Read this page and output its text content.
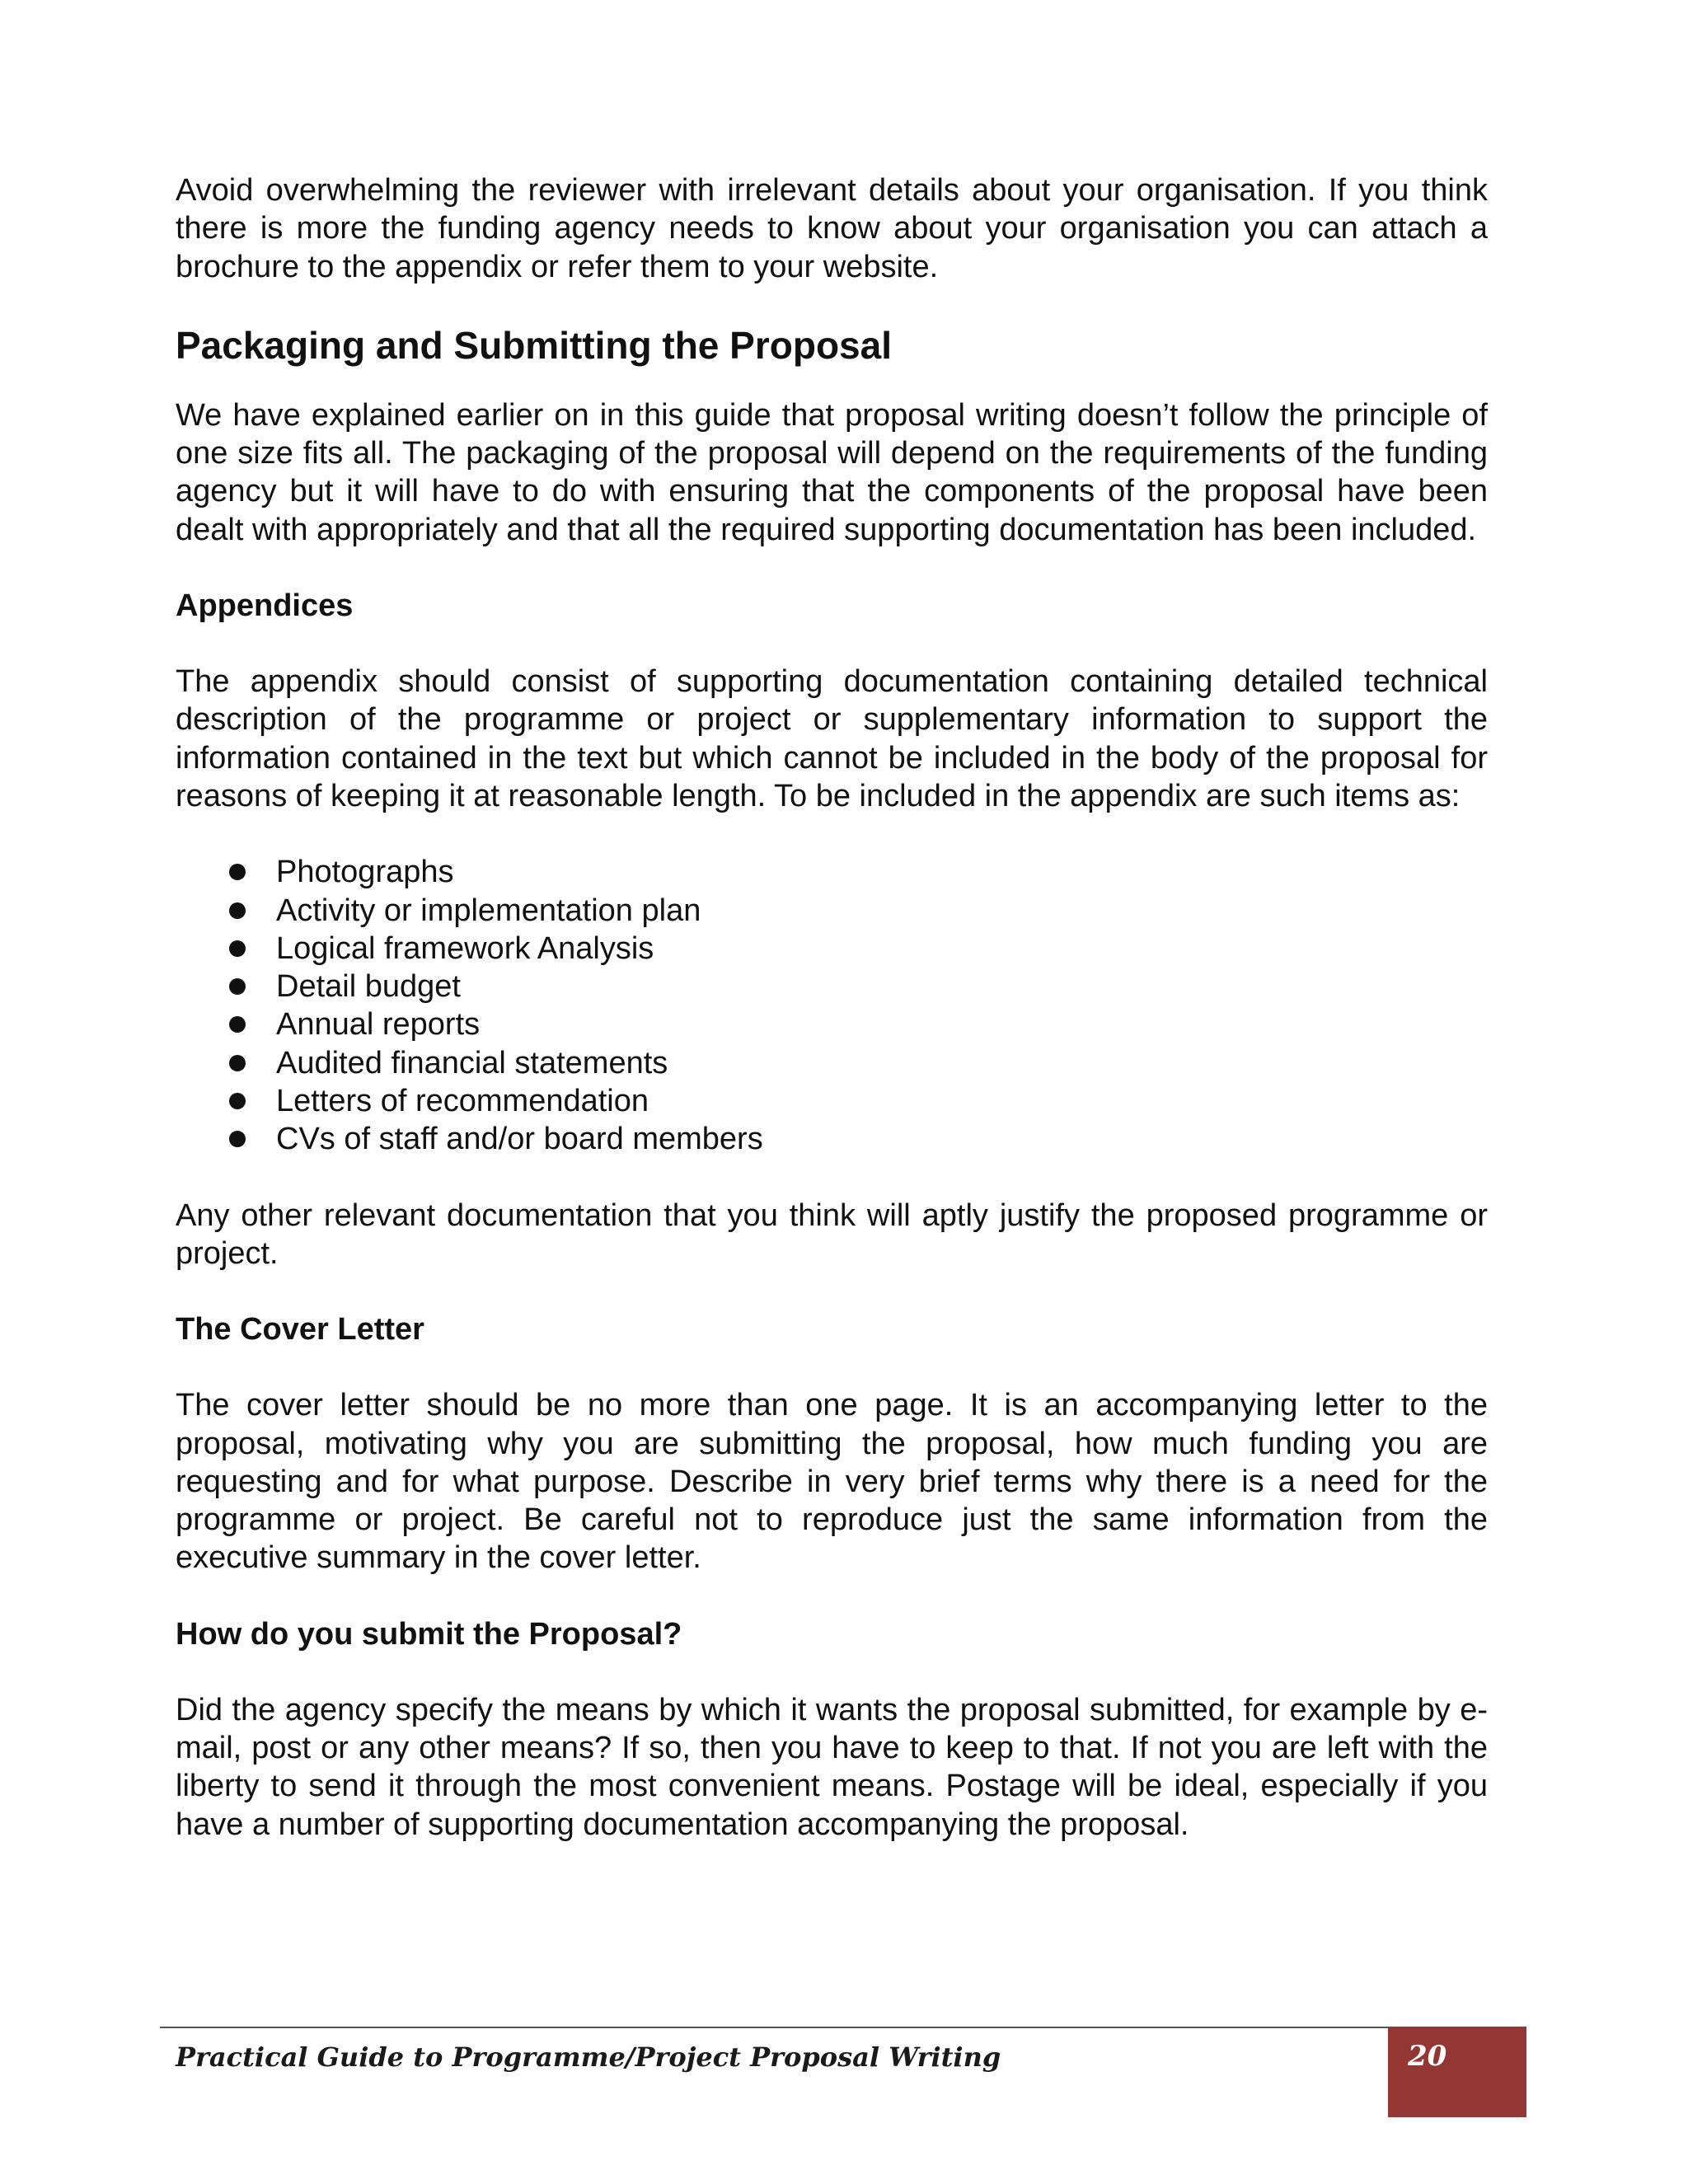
Avoid overwhelming the reviewer with irrelevant details about your organisation. If you think there is more the funding agency needs to know about your organisation you can attach a brochure to the appendix or refer them to your website.

Packaging and Submitting the Proposal

We have explained earlier on in this guide that proposal writing doesn’t follow the principle of one size fits all. The packaging of the proposal will depend on the requirements of the funding agency but it will have to do with ensuring that the components of the proposal have been dealt with appropriately and that all the required supporting documentation has been included.

Appendices

The appendix should consist of supporting documentation containing detailed technical description of the programme or project or supplementary information to support the information contained in the text but which cannot be included in the body of the proposal for reasons of keeping it at reasonable length. To be included in the appendix are such items as:

Photographs
Activity or implementation plan
Logical framework Analysis
Detail budget
Annual reports
Audited financial statements
Letters of recommendation
CVs of staff and/or board members

Any other relevant documentation that you think will aptly justify the proposed programme or project.

The Cover Letter

The cover letter should be no more than one page. It is an accompanying letter to the proposal, motivating why you are submitting the proposal, how much funding you are requesting and for what purpose. Describe in very brief terms why there is a need for the programme or project. Be careful not to reproduce just the same information from the executive summary in the cover letter.

How do you submit the Proposal?

Did the agency specify the means by which it wants the proposal submitted, for example by e-mail, post or any other means? If so, then you have to keep to that. If not you are left with the liberty to send it through the most convenient means. Postage will be ideal, especially if you have a number of supporting documentation accompanying the proposal.

Practical Guide to Programme/Project Proposal Writing	20
